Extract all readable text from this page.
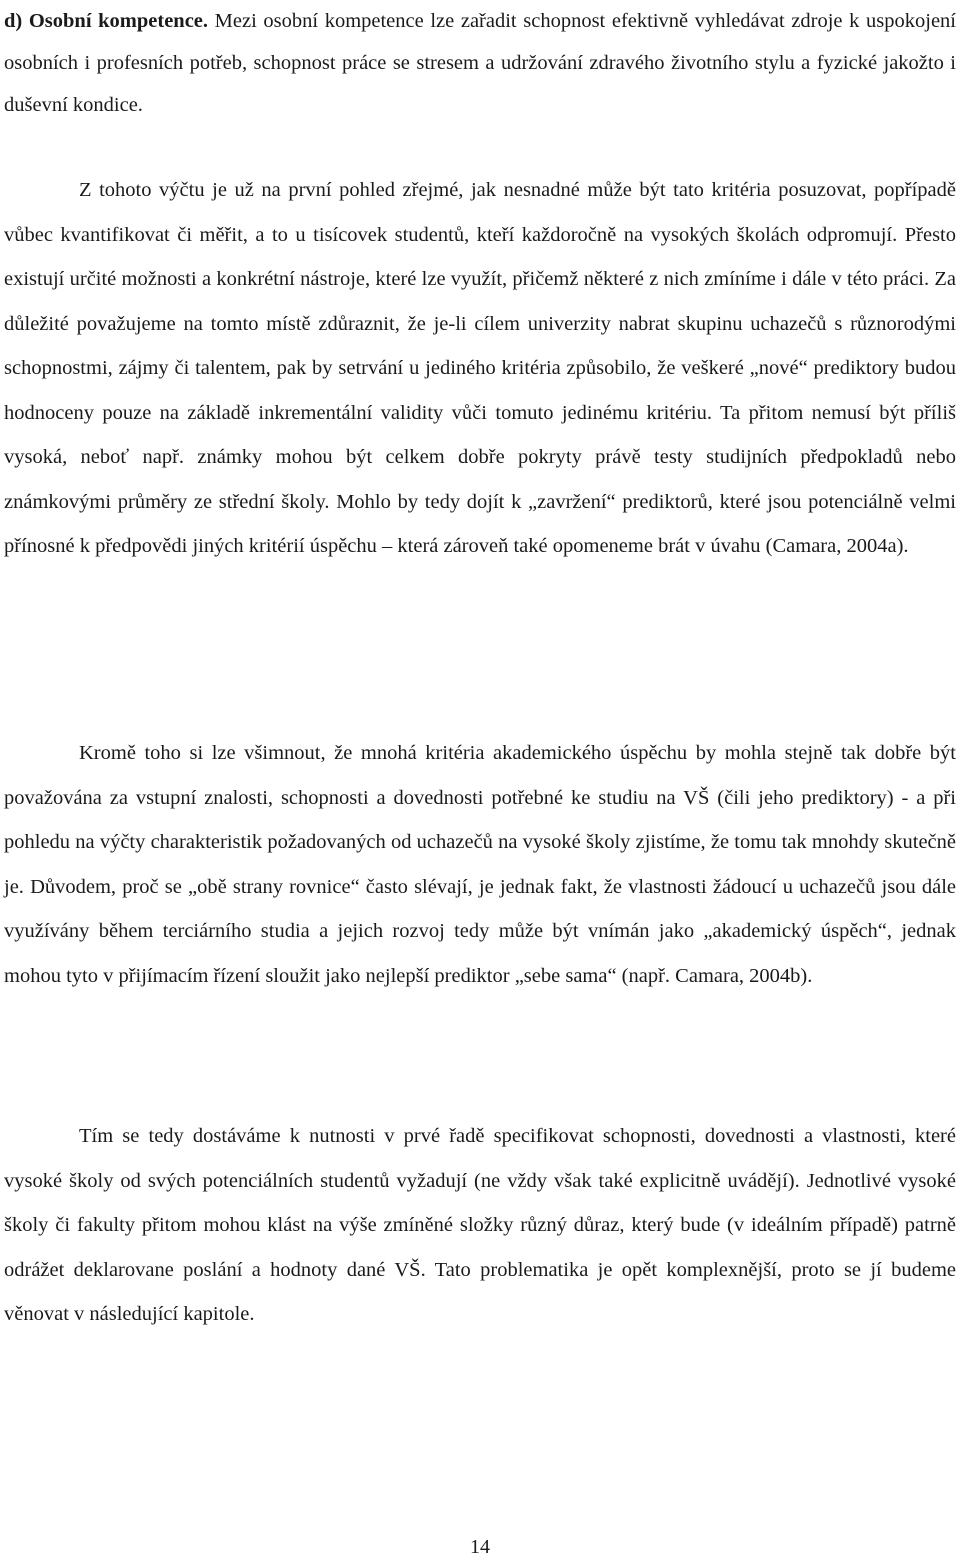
d) Osobní kompetence. Mezi osobní kompetence lze zařadit schopnost efektivně vyhledávat zdroje k uspokojení osobních i profesních potřeb, schopnost práce se stresem a udržování zdravého životního stylu a fyzické jakožto i duševní kondice.

Z tohoto výčtu je už na první pohled zřejmé, jak nesnadné může být tato kritéria posuzovat, popřípadě vůbec kvantifikovat či měřit, a to u tisícovek studentů, kteří každoročně na vysokých školách odpromují. Přesto existují určité možnosti a konkrétní nástroje, které lze využít, přičemž některé z nich zmíníme i dále v této práci. Za důležité považujeme na tomto místě zdůraznit, že je-li cílem univerzity nabrat skupinu uchazečů s různorodými schopnostmi, zájmy či talentem, pak by setrvání u jediného kritéria způsobilo, že veškeré „nové“ prediktory budou hodnoceny pouze na základě inkrementální validity vůči tomuto jedinému kritériu. Ta přitom nemusí být příliš vysoká, neboť např. známky mohou být celkem dobře pokryty právě testy studijních předpokladů nebo známkovými průměry ze střední školy. Mohlo by tedy dojít k „zavržení“ prediktorů, které jsou potenciálně velmi přínosné k předpovědi jiných kritérií úspěchu – která zároveň také opomeneme brát v úvahu (Camara, 2004a).

Kromě toho si lze všimnout, že mnohá kritéria akademického úspěchu by mohla stejně tak dobře být považována za vstupní znalosti, schopnosti a dovednosti potřebné ke studiu na VŠ (čili jeho prediktory) - a při pohledu na výčty charakteristik požadovaných od uchazečů na vysoké školy zjistíme, že tomu tak mnohdy skutečně je. Důvodem, proč se „obě strany rovnice“ často slévají, je jednak fakt, že vlastnosti žádoucí u uchazečů jsou dále využívány během terciárního studia a jejich rozvoj tedy může být vnímán jako „akademický úspěch“, jednak mohou tyto v přijímacím řízení sloužit jako nejlepší prediktor „sebe sama“ (např. Camara, 2004b).

Tím se tedy dostáváme k nutnosti v prvé řadě specifikovat schopnosti, dovednosti a vlastnosti, které vysoké školy od svých potenciálních studentů vyžadují (ne vždy však také explicitně uvádějí). Jednotlivé vysoké školy či fakulty přitom mohou klást na výše zmíněné složky různý důraz, který bude (v ideálním případě) patrně odrážet deklarovane poslání a hodnoty dané VŠ. Tato problematika je opět komplexnější, proto se jí budeme věnovat v následující kapitole.

14
